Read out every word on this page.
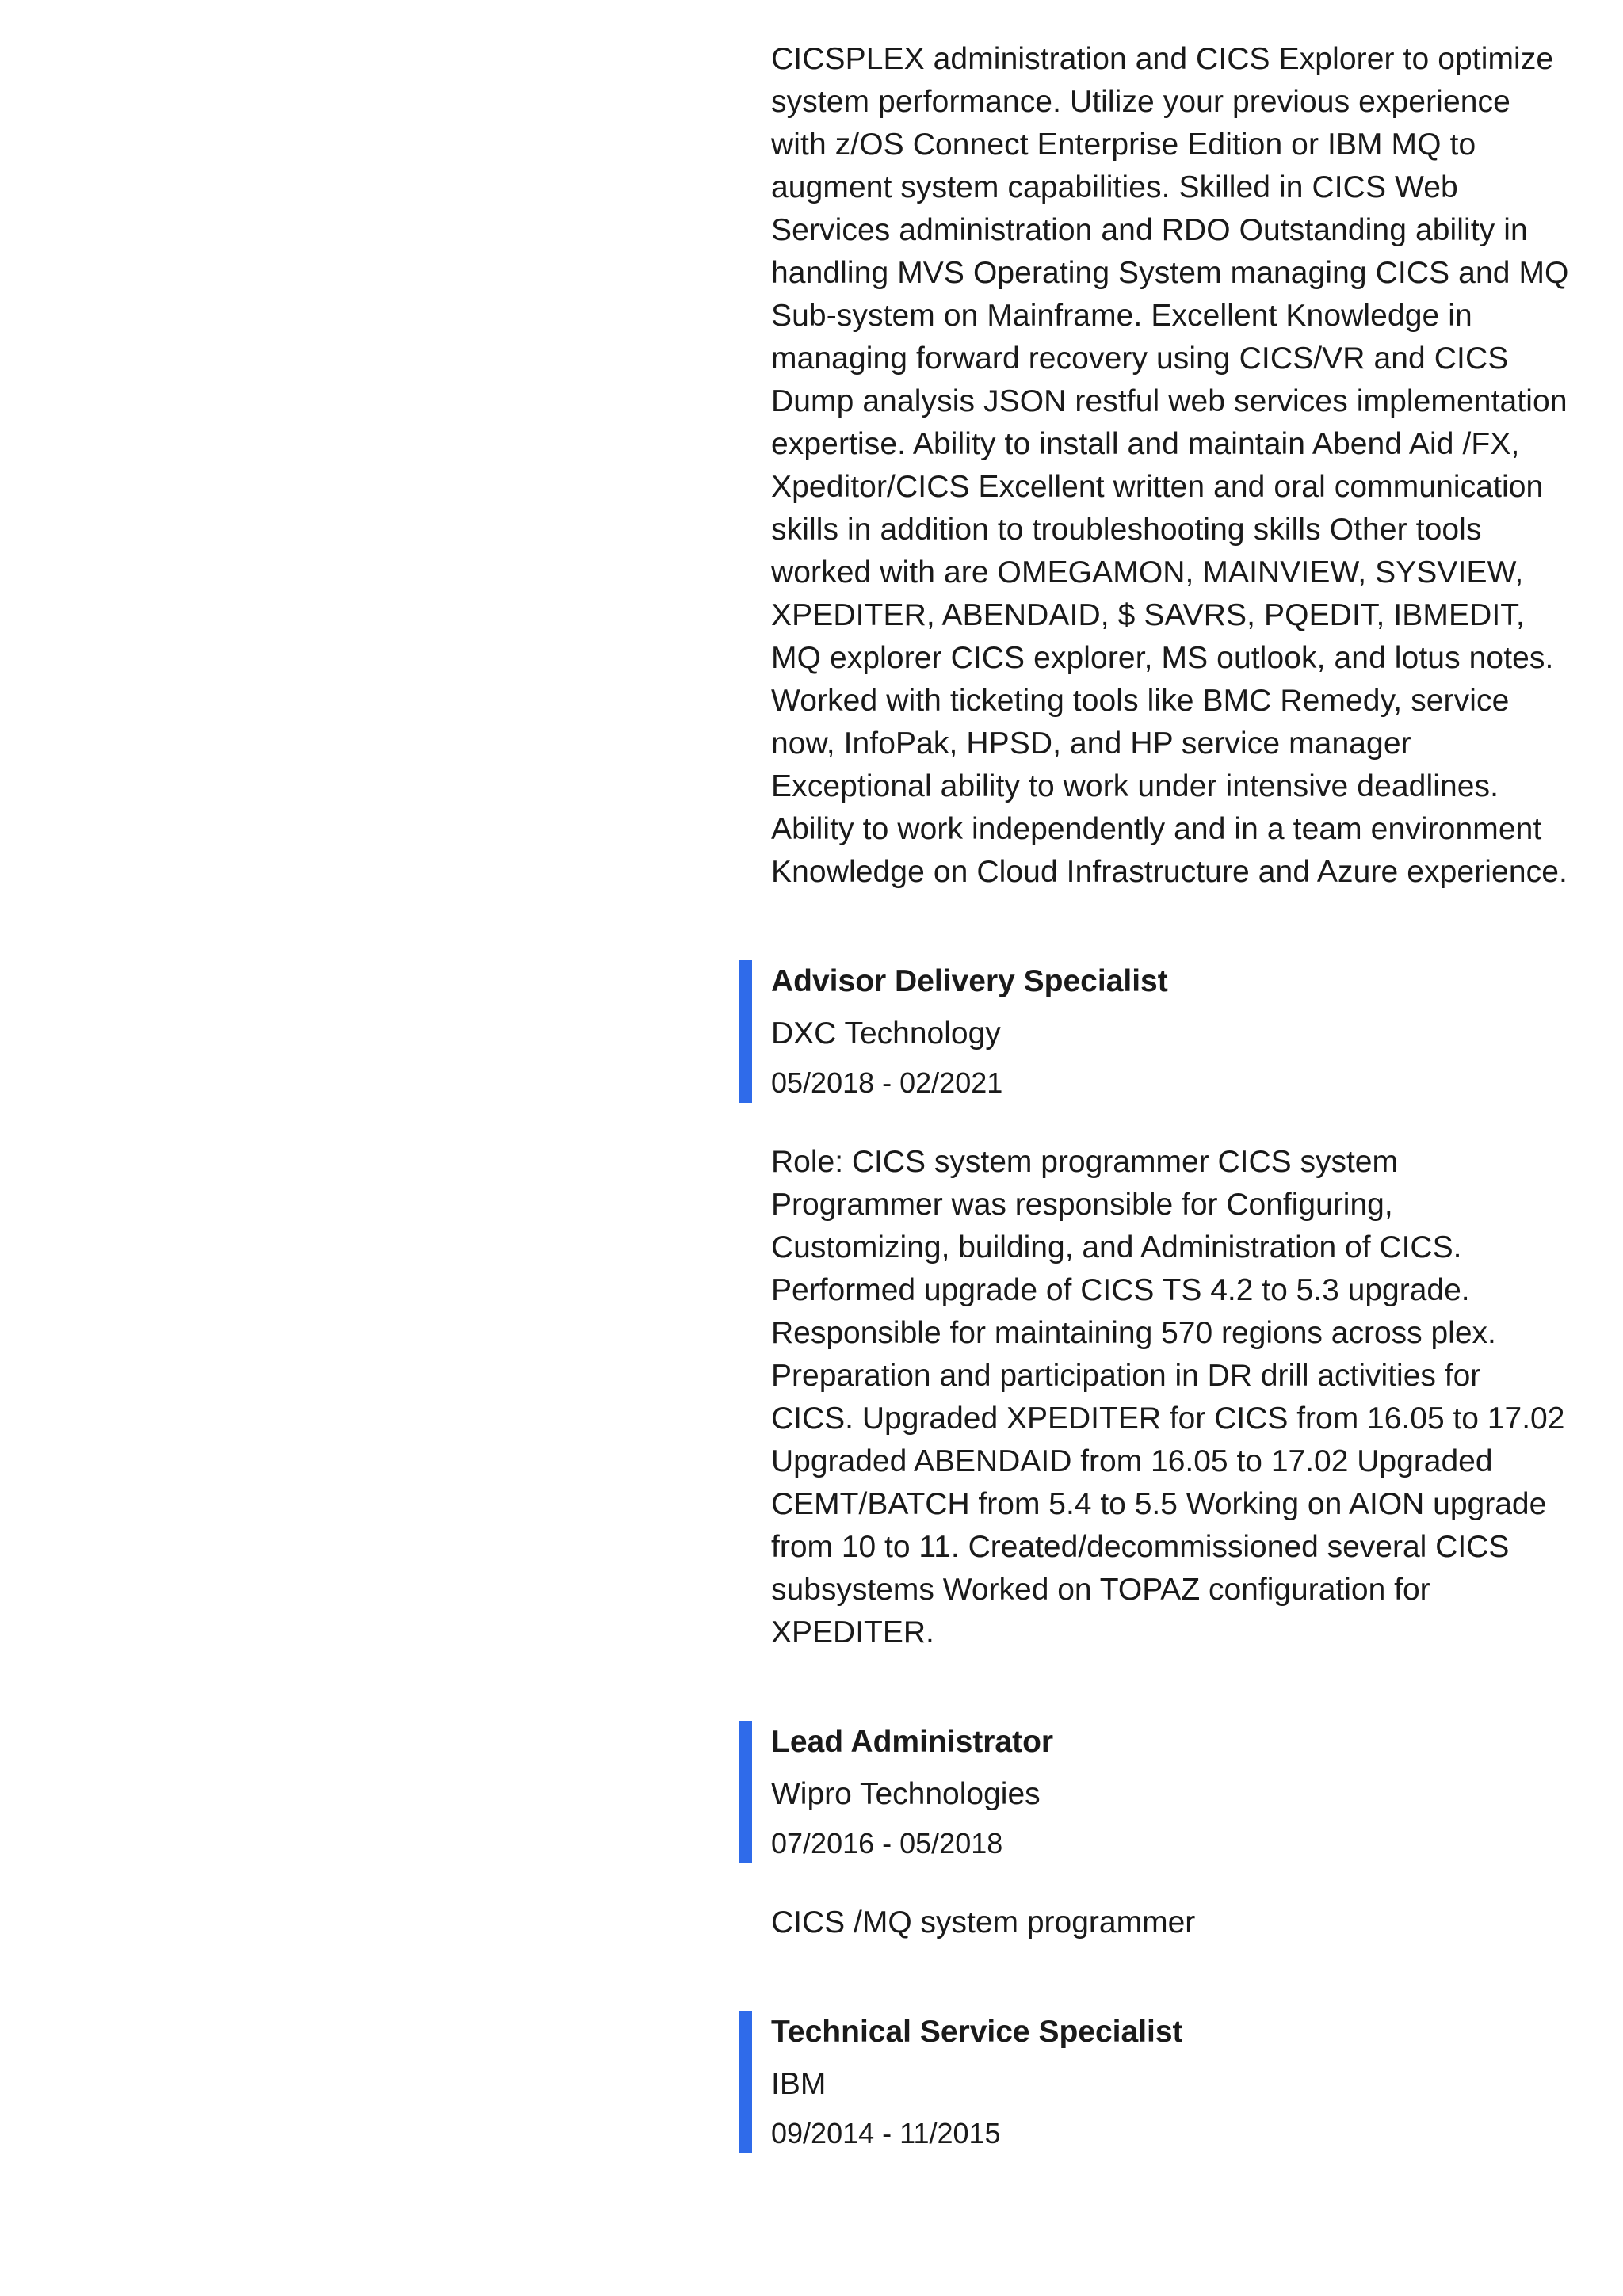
CICSPLEX administration and CICS Explorer to optimize system performance. Utilize your previous experience with z/OS Connect Enterprise Edition or IBM MQ to augment system capabilities. Skilled in CICS Web Services administration and RDO Outstanding ability in handling MVS Operating System managing CICS and MQ Sub-system on Mainframe. Excellent Knowledge in managing forward recovery using CICS/VR and CICS Dump analysis JSON restful web services implementation expertise. Ability to install and maintain Abend Aid /FX, Xpeditor/CICS Excellent written and oral communication skills in addition to troubleshooting skills Other tools worked with are OMEGAMON, MAINVIEW, SYSVIEW, XPEDITER, ABENDAID, $ SAVRS, PQEDIT, IBMEDIT, MQ explorer CICS explorer, MS outlook, and lotus notes. Worked with ticketing tools like BMC Remedy, service now, InfoPak, HPSD, and HP service manager Exceptional ability to work under intensive deadlines. Ability to work independently and in a team environment Knowledge on Cloud Infrastructure and Azure experience.

Advisor Delivery Specialist

DXC Technology

05/2018 - 02/2021

Role: CICS system programmer CICS system Programmer was responsible for Configuring, Customizing, building, and Administration of CICS. Performed upgrade of CICS TS 4.2 to 5.3 upgrade. Responsible for maintaining 570 regions across plex. Preparation and participation in DR drill activities for CICS. Upgraded XPEDITER for CICS from 16.05 to 17.02 Upgraded ABENDAID from 16.05 to 17.02 Upgraded CEMT/BATCH from 5.4 to 5.5 Working on AION upgrade from 10 to 11. Created/decommissioned several CICS subsystems Worked on TOPAZ configuration for XPEDITER.

Lead Administrator

Wipro Technologies

07/2016 - 05/2018

CICS /MQ system programmer

Technical Service Specialist

IBM

09/2014 - 11/2015
